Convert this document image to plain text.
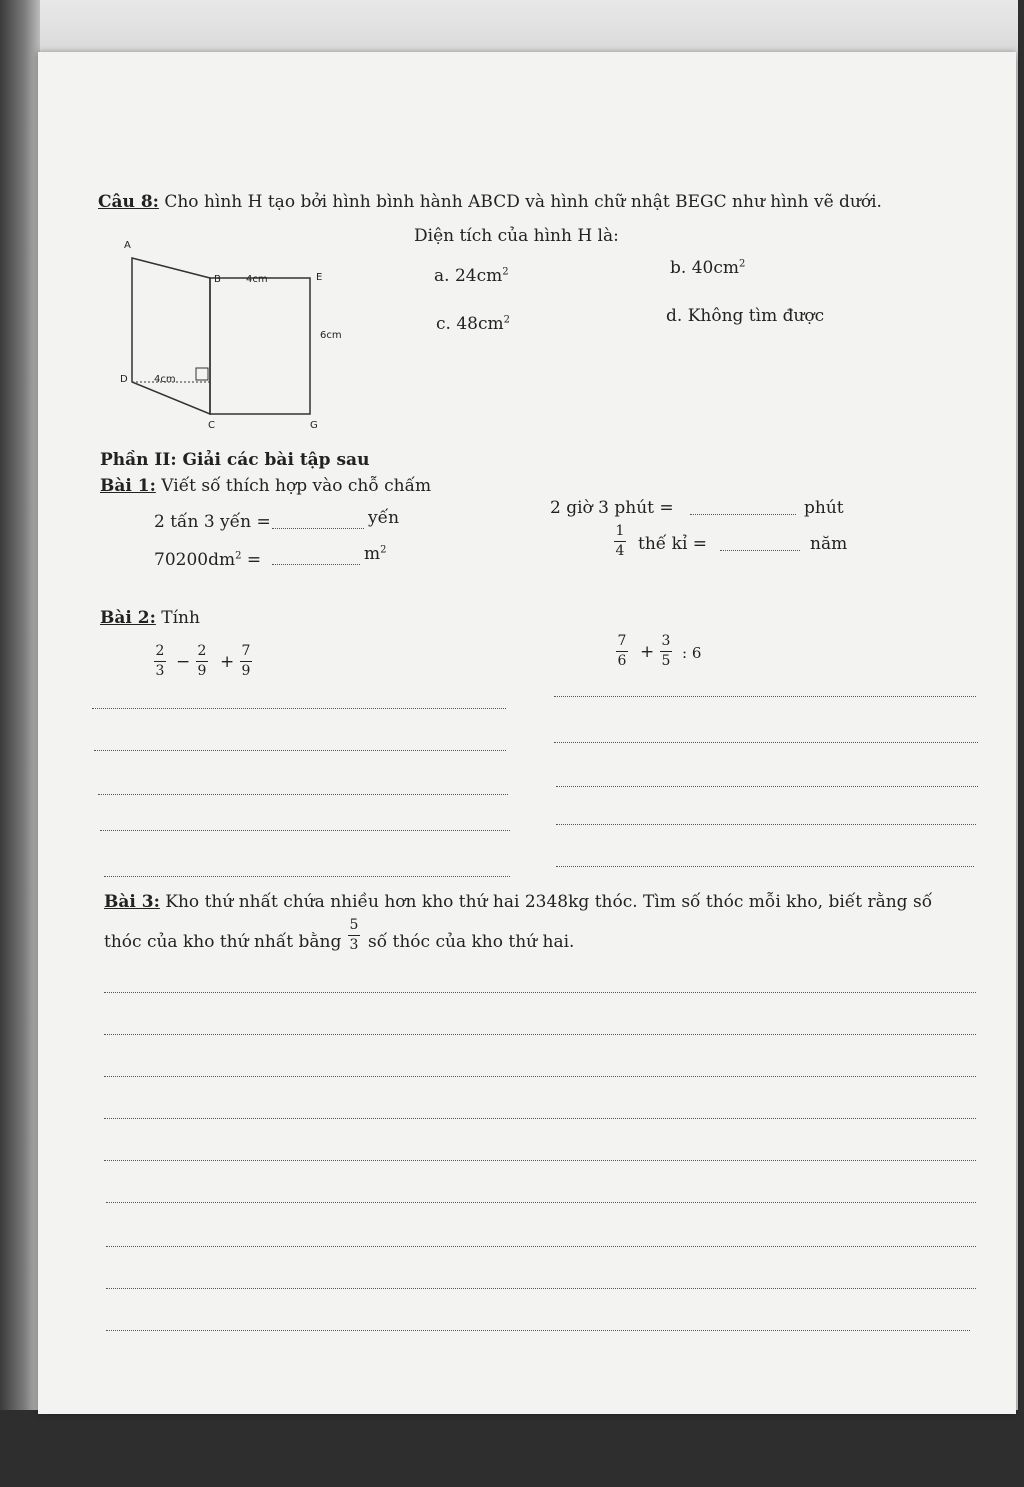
Câu 8: Cho hình H tạo bởi hình bình hành ABCD và hình chữ nhật BEGC như hình vẽ dưới.
Diện tích của hình H là:
a. $24cm^2$	b. $40cm^2$
c. $48cm^2$	d. Không tìm được
A
B	4cm	E
6cm
D	4cm
C	G
Phần II: Giải các bài tập sau
Bài 1: Viết số thích hợp vào chỗ chấm
2 tấn 3 yến =	yến
$70200dm^2$ =	$m^2$
2 giờ 3 phút =	phút
1
4 thế kỉ =	năm
Bài 2: Tính
2
3 −
2
9 +
7
9
7
6 +
3
5 : 6
Bài 3: Kho thứ nhất chứa nhiều hơn kho thứ hai 2348kg thóc. Tìm số thóc mỗi kho, biết rằng số
thóc của kho thứ nhất bằng
5
3 số thóc của kho thứ hai.
